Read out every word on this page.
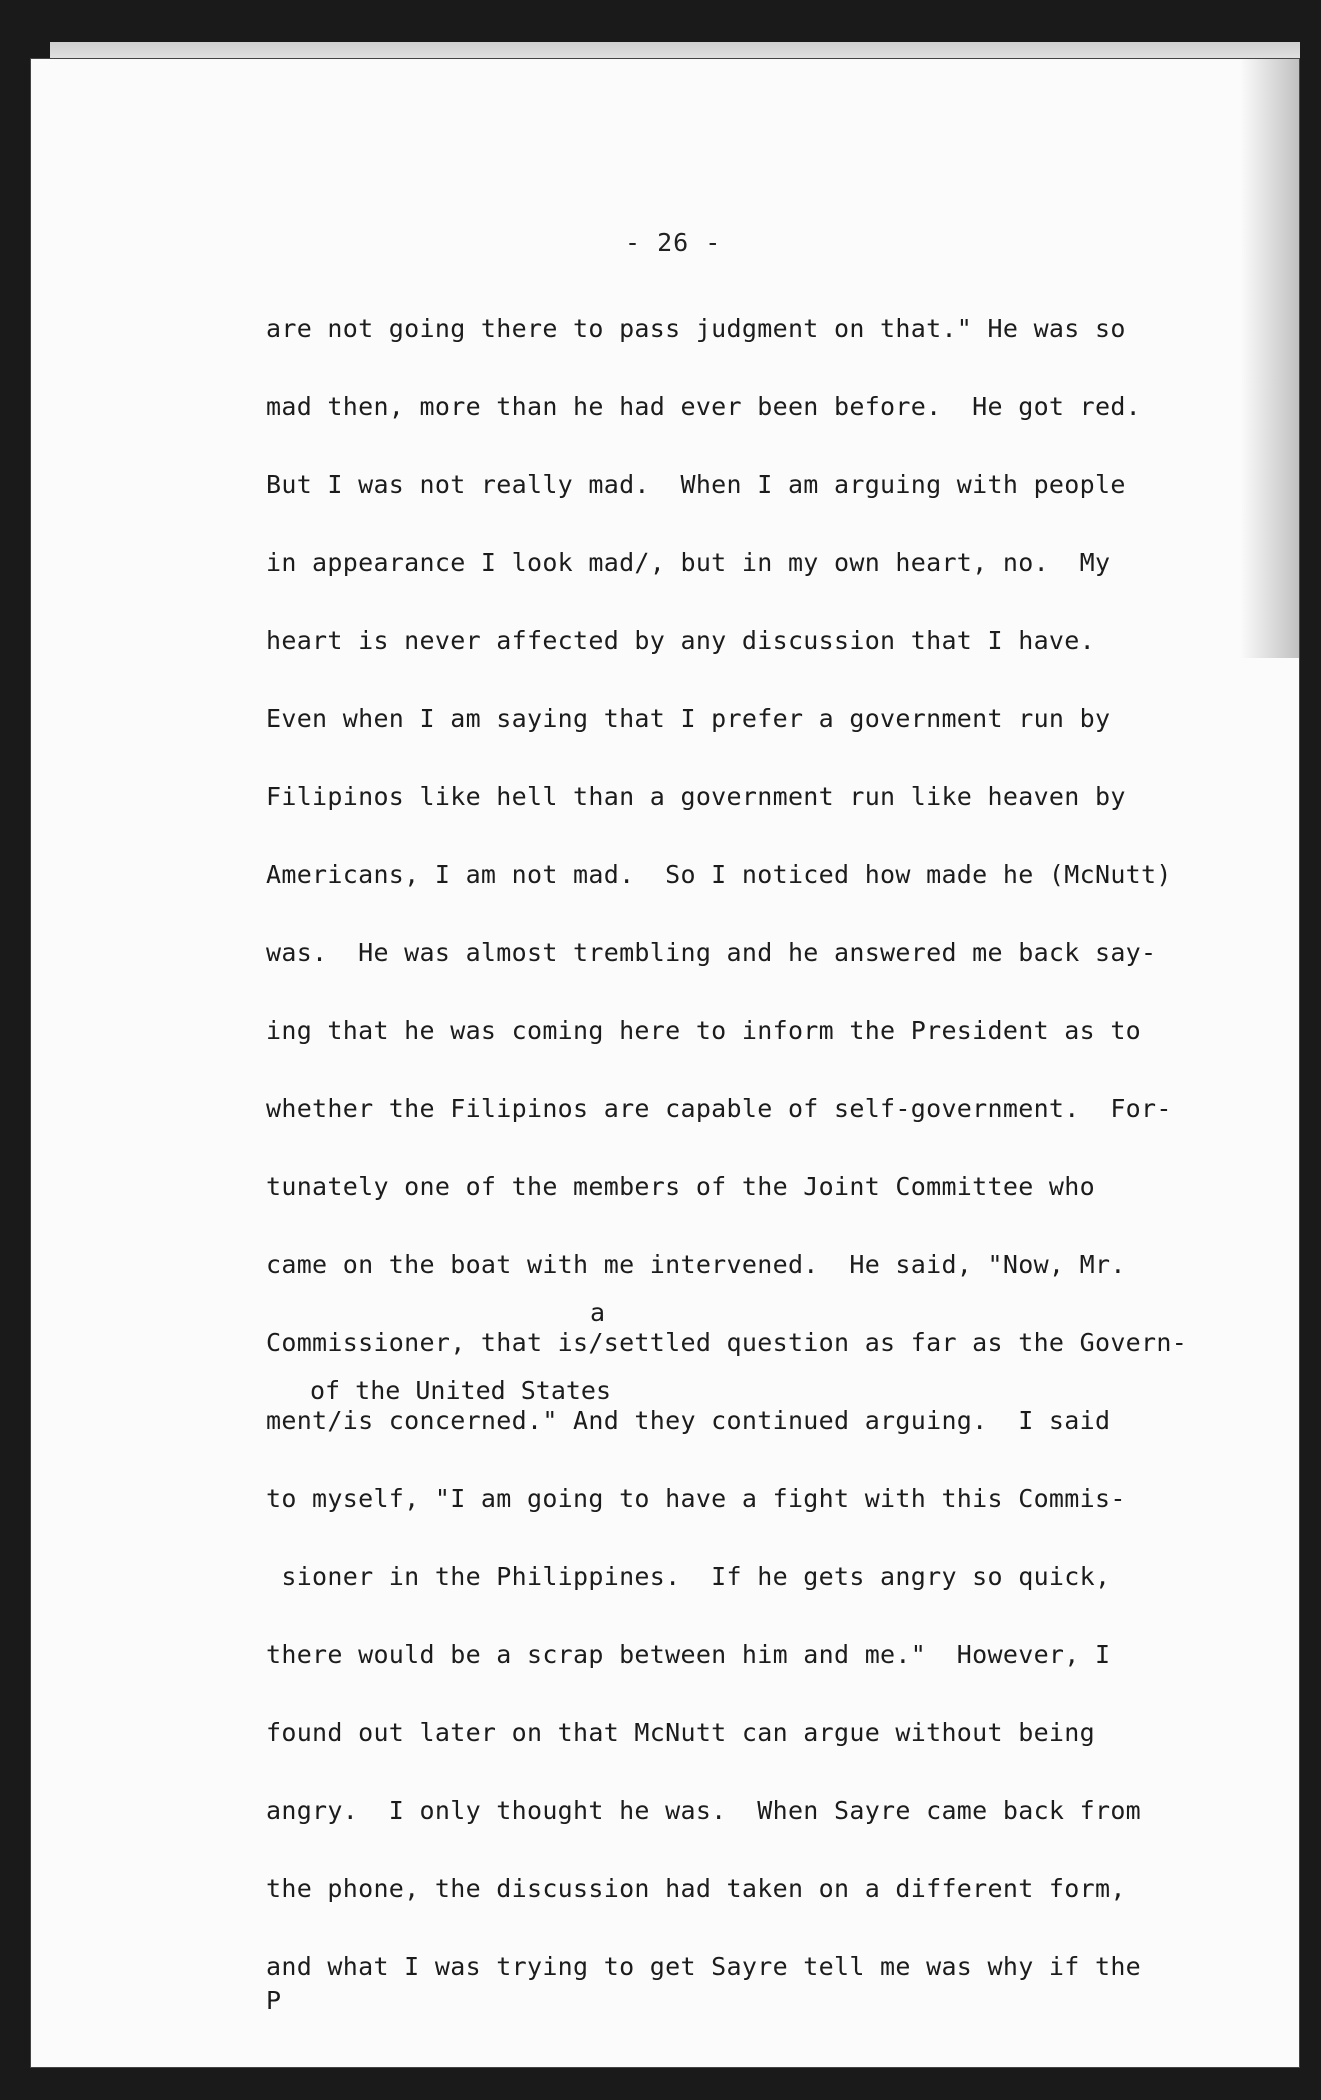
- 26 -
are not going there to pass judgment on that." He was so
mad then, more than he had ever been before.  He got red.
But I was not really mad.  When I am arguing with people
in appearance I look mad∕, but in my own heart, no.  My
heart is never affected by any discussion that I have.
Even when I am saying that I prefer a government run by
Filipinos like hell than a government run like heaven by
Americans, I am not mad.  So I noticed how made he (McNutt)
was.  He was almost trembling and he answered me back say-
ing that he was coming here to inform the President as to
whether the Filipinos are capable of self-government.  For-
tunately one of the members of the Joint Committee who
came on the boat with me intervened.  He said, "Now, Mr.
a
Commissioner, that is/settled question as far as the Govern-
of the United States
ment/is concerned." And they continued arguing.  I said
to myself, "I am going to have a fight with this Commis-
sioner in the Philippines.  If he gets angry so quick,
there would be a scrap between him and me."  However, I
found out later on that McNutt can argue without being
angry.  I only thought he was.  When Sayre came back from
the phone, the discussion had taken on a different form,
and what I was trying to get Sayre tell me was why if the
P
